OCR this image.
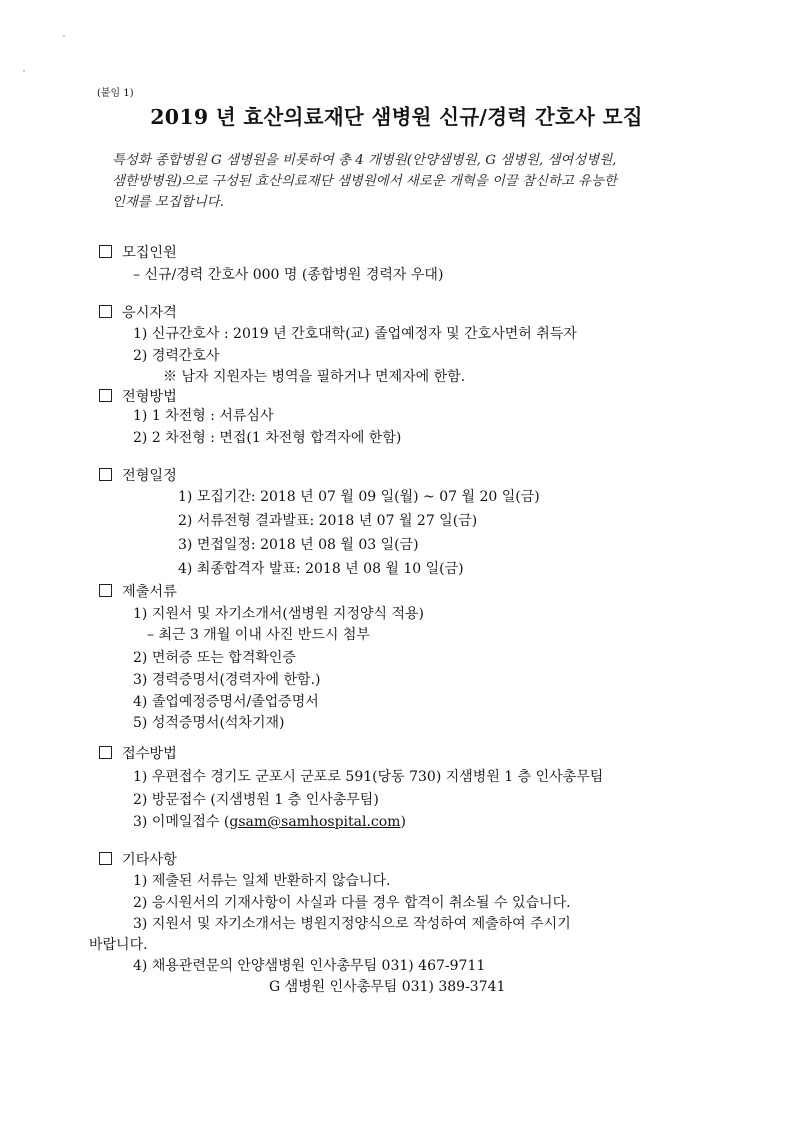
(붙임 1)
2019 년 효산의료재단 샘병원 신규/경력 간호사 모집
특성화 종합병원 G 샘병원을 비롯하여 총 4 개병원(안양샘병원, G 샘병원, 샘여성병원,
샘한방병원)으로 구성된 효산의료재단 샘병원에서 새로운 개혁을 이끌 참신하고 유능한
인재를 모집합니다.
모집인원
– 신규/경력 간호사 000 명 (종합병원 경력자 우대)
응시자격
1) 신규간호사 : 2019 년 간호대학(교) 졸업예정자 및 간호사면허 취득자
2) 경력간호사
※ 남자 지원자는 병역을 필하거나 면제자에 한함.
전형방법
1) 1 차전형 : 서류심사
2) 2 차전형 : 면접(1 차전형 합격자에 한함)
전형일정
1) 모집기간: 2018 년 07 월 09 일(월) ~ 07 월 20 일(금)
2) 서류전형 결과발표: 2018 년 07 월 27 일(금)
3) 면접일정: 2018 년 08 월 03 일(금)
4) 최종합격자 발표: 2018 년 08 월 10 일(금)
제출서류
1) 지원서 및 자기소개서(샘병원 지정양식 적용)
– 최근 3 개월 이내 사진 반드시 첨부
2) 면허증 또는 합격확인증
3) 경력증명서(경력자에 한함.)
4) 졸업예정증명서/졸업증명서
5) 성적증명서(석차기재)
접수방법
1) 우편접수 경기도 군포시 군포로 591(당동 730) 지샘병원 1 층 인사총무팀
2) 방문접수 (지샘병원 1 층 인사총무팀)
3) 이메일접수 (gsam@samhospital.com)
기타사항
1) 제출된 서류는 일체 반환하지 않습니다.
2) 응시원서의 기재사항이 사실과 다를 경우 합격이 취소될 수 있습니다.
3) 지원서 및 자기소개서는 병원지정양식으로 작성하여 제출하여 주시기
바랍니다.
4) 채용관련문의 안양샘병원 인사총무팀 031) 467-9711
G 샘병원 인사총무팀 031) 389-3741
